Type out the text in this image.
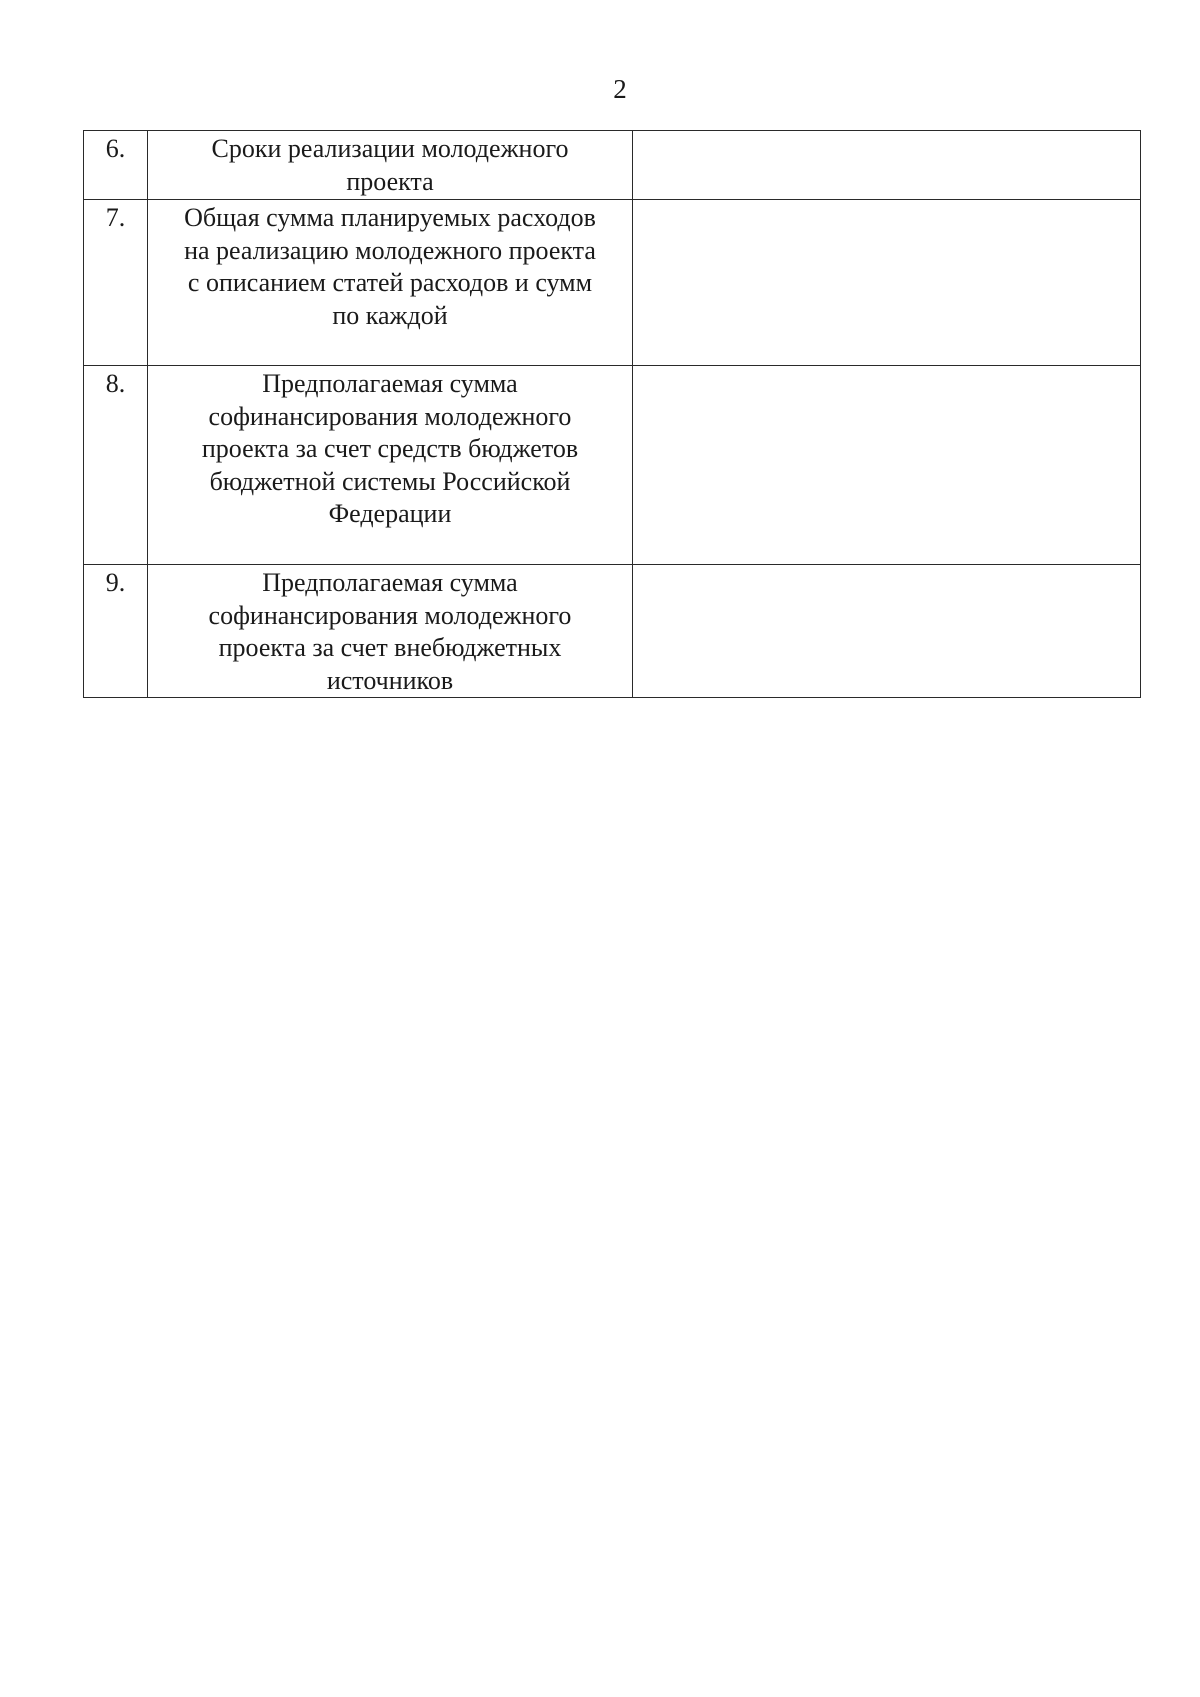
2
6.	Сроки реализации молодежного
проекта	

7.	Общая сумма планируемых расходов
на реализацию молодежного проекта
с описанием статей расходов и сумм
по каждой	

8.	Предполагаемая сумма
софинансирования молодежного
проекта за счет средств бюджетов
бюджетной системы Российской
Федерации	

9.	Предполагаемая сумма
софинансирования молодежного
проекта за счет внебюджетных
источников	
